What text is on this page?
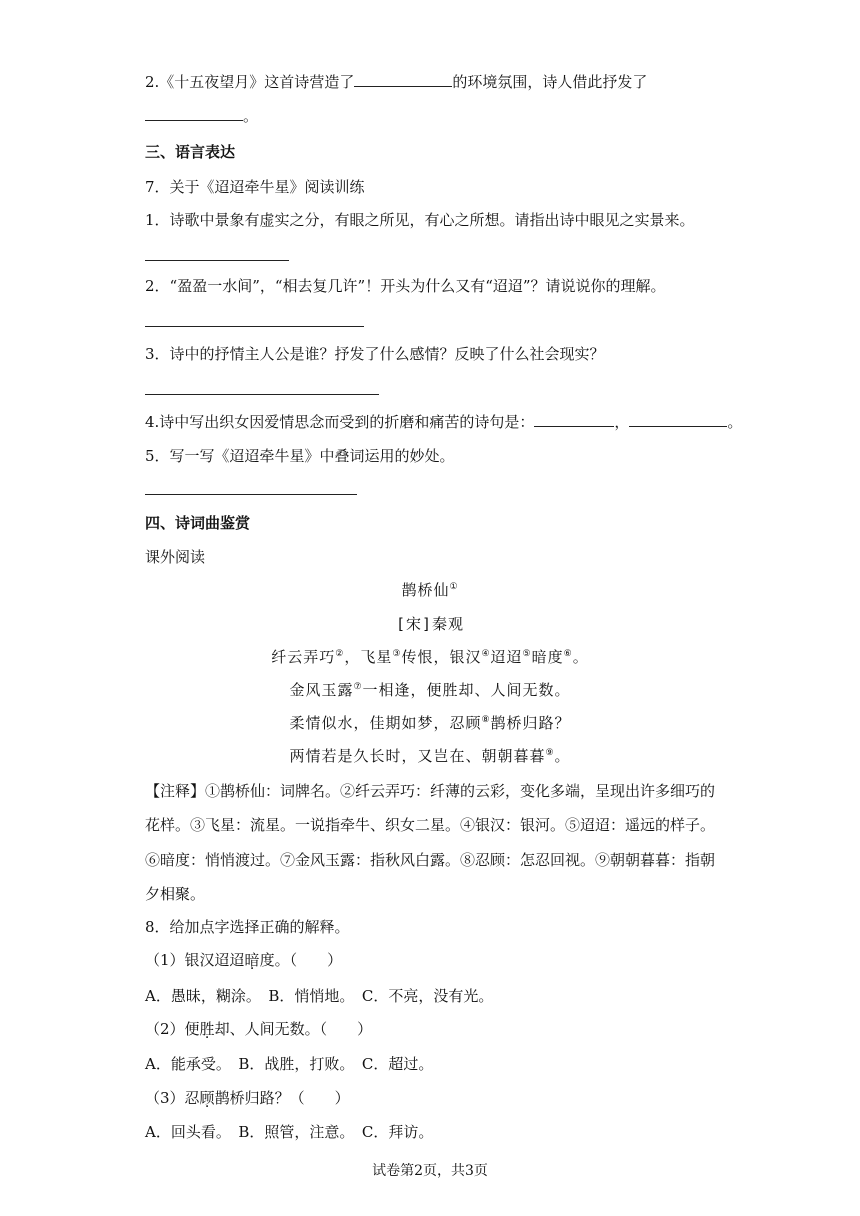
2.《十五夜望月》这首诗营造了	的环境氛围，诗人借此抒发了
。
三、语言表达
7．关于《迢迢牵牛星》阅读训练
1．诗歌中景象有虚实之分，有眼之所见，有心之所想。请指出诗中眼见之实景来。
2．“盈盈一水间”，“相去复几许”！开头为什么又有“迢迢”？请说说你的理解。
3．诗中的抒情主人公是谁？抒发了什么感情？反映了什么社会现实？
4.诗中写出织女因爱情思念而受到的折磨和痛苦的诗句是：	，	。
5．写一写《迢迢牵牛星》中叠词运用的妙处。
四、诗词曲鉴赏
课外阅读
鹊桥仙①
[宋]秦观
纤云弄巧②，飞星③传恨，银汉④迢迢⑤暗度⑥。
金风玉露⑦一相逢，便胜却、人间无数。
柔情似水，佳期如梦，忍顾⑧鹊桥归路？
两情若是久长时，又岂在、朝朝暮暮⑨。
【注释】①鹊桥仙：词牌名。②纤云弄巧：纤薄的云彩，变化多端，呈现出许多细巧的
花样。③飞星：流星。一说指牵牛、织女二星。④银汉：银河。⑤迢迢：遥远的样子。
⑥暗度：悄悄渡过。⑦金风玉露：指秋风白露。⑧忍顾：怎忍回视。⑨朝朝暮暮：指朝
夕相聚。
8．给加点字选择正确的解释。
（1）银汉迢迢暗度。（　　）
A．愚昧，糊涂。　B．悄悄地。　C．不亮，没有光。
（2）便胜却、人间无数。（　　）
A．能承受。　B．战胜，打败。　C．超过。
（3）忍顾鹊桥归路？（　　）
A．回头看。　B．照管，注意。　C．拜访。
试卷第2页，共3页
